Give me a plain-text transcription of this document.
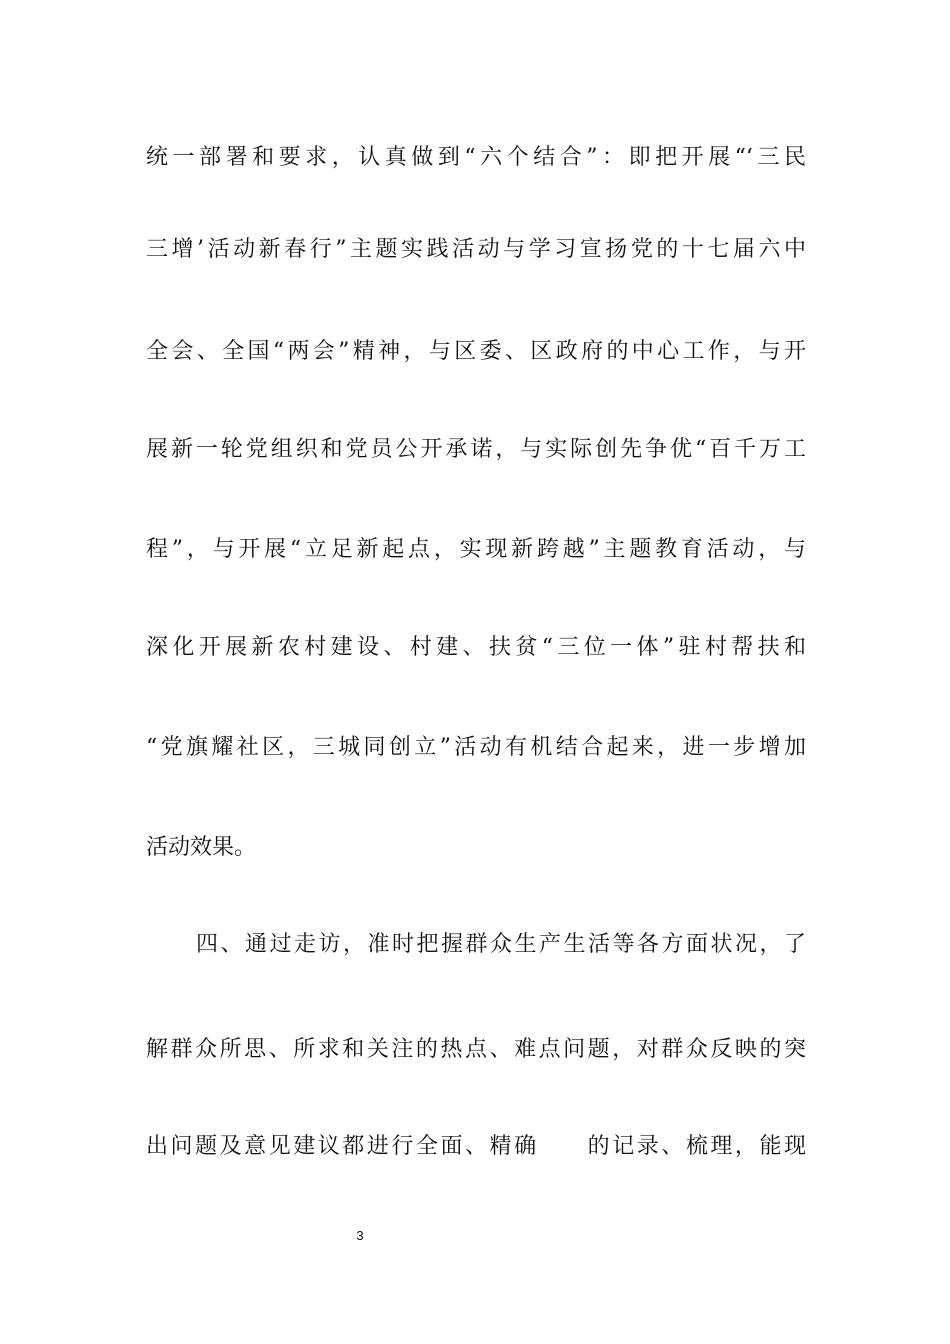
统一部署和要求，认真做到“六个结合”：即把开展“‘三民
三增’活动新春行”主题实践活动与学习宣扬党的十七届六中
全会、全国“两会”精神，与区委、区政府的中心工作，与开
展新一轮党组织和党员公开承诺，与实际创先争优“百千万工
程”，与开展“立足新起点，实现新跨越”主题教育活动，与
深化开展新农村建设、村建、扶贫“三位一体”驻村帮扶和
“党旗耀社区，三城同创立”活动有机结合起来，进一步增加
活动效果。
四、通过走访，准时把握群众生产生活等各方面状况，了
解群众所思、所求和关注的热点、难点问题，对群众反映的突
出问题及意见建议都进行全面、精确　　的记录、梳理，能现
3
